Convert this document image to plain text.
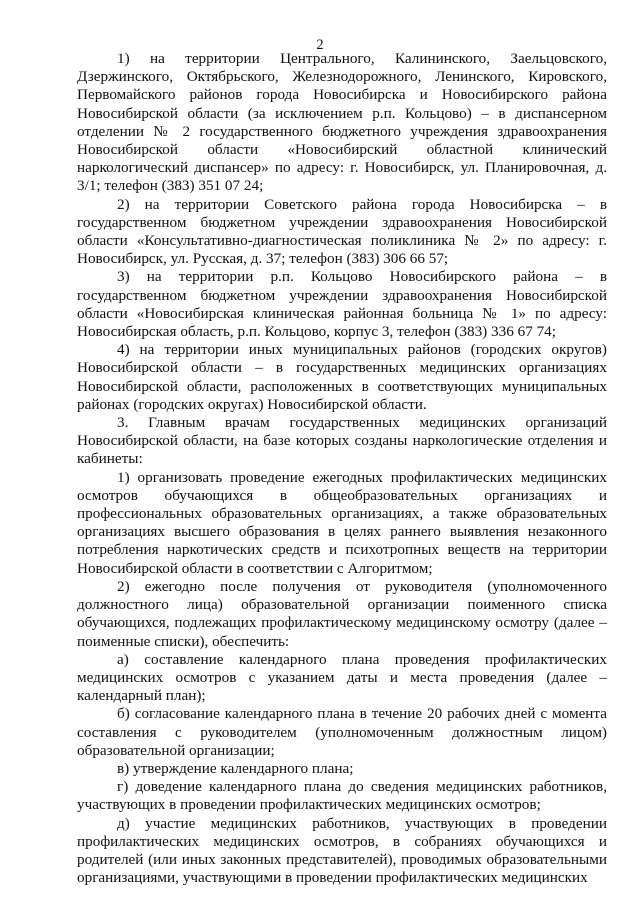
2

1) на территории Центрального, Калининского, Заельцовского, Дзержинского, Октябрьского, Железнодорожного, Ленинского, Кировского, Первомайского районов города Новосибирска и Новосибирского района Новосибирской области (за исключением р.п. Кольцово) – в диспансерном отделении № 2 государственного бюджетного учреждения здравоохранения Новосибирской области «Новосибирский областной клинический наркологический диспансер» по адресу: г. Новосибирск, ул. Планировочная, д. 3/1; телефон (383) 351 07 24;

2) на территории Советского района города Новосибирска – в государственном бюджетном учреждении здравоохранения Новосибирской области «Консультативно-диагностическая поликлиника № 2» по адресу: г. Новосибирск, ул. Русская, д. 37; телефон (383) 306 66 57;

3) на территории р.п. Кольцово Новосибирского района – в государственном бюджетном учреждении здравоохранения Новосибирской области «Новосибирская клиническая районная больница № 1» по адресу: Новосибирская область, р.п. Кольцово, корпус 3, телефон (383) 336 67 74;

4) на территории иных муниципальных районов (городских округов) Новосибирской области – в государственных медицинских организациях Новосибирской области, расположенных в соответствующих муниципальных районах (городских округах) Новосибирской области.

3. Главным врачам государственных медицинских организаций Новосибирской области, на базе которых созданы наркологические отделения и кабинеты:

1) организовать проведение ежегодных профилактических медицинских осмотров обучающихся в общеобразовательных организациях и профессиональных образовательных организациях, а также образовательных организациях высшего образования в целях раннего выявления незаконного потребления наркотических средств и психотропных веществ на территории Новосибирской области в соответствии с Алгоритмом;

2) ежегодно после получения от руководителя (уполномоченного должностного лица) образовательной организации поименного списка обучающихся, подлежащих профилактическому медицинскому осмотру (далее – поименные списки), обеспечить:

а) составление календарного плана проведения профилактических медицинских осмотров с указанием даты и места проведения (далее – календарный план);

б) согласование календарного плана в течение 20 рабочих дней с момента составления с руководителем (уполномоченным должностным лицом) образовательной организации;

в) утверждение календарного плана;

г) доведение календарного плана до сведения медицинских работников, участвующих в проведении профилактических медицинских осмотров;

д) участие медицинских работников, участвующих в проведении профилактических медицинских осмотров, в собраниях обучающихся и родителей (или иных законных представителей), проводимых образовательными организациями, участвующими в проведении профилактических медицинских
